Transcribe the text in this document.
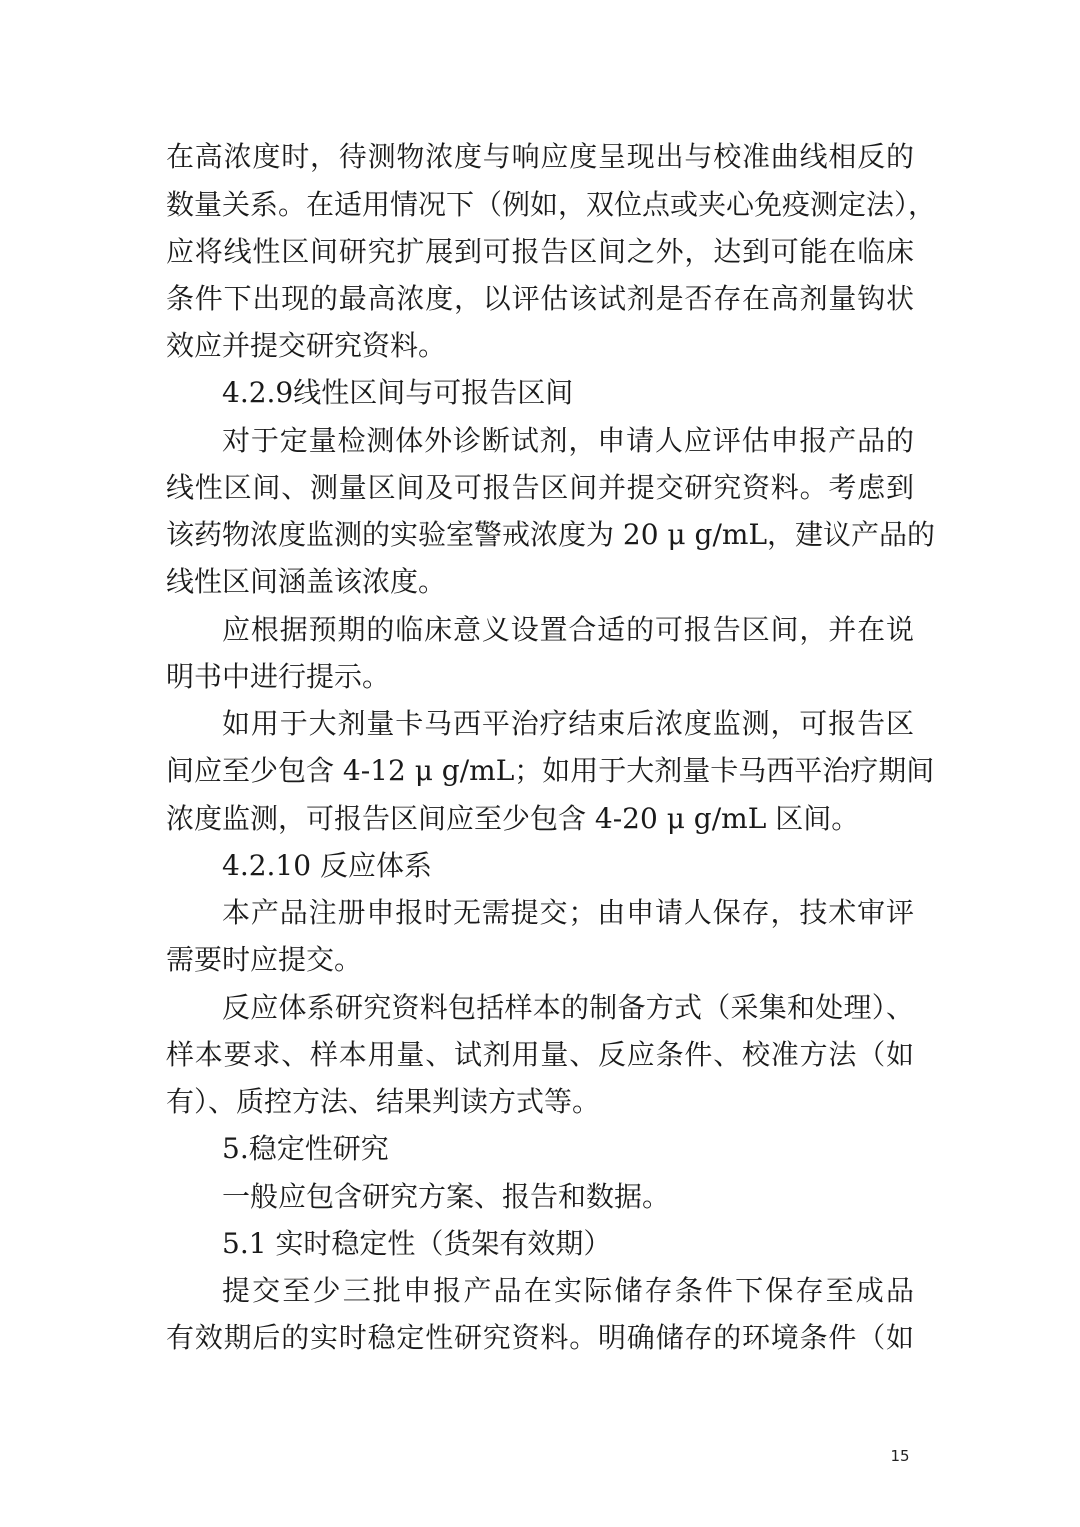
在高浓度时，待测物浓度与响应度呈现出与校准曲线相反的

数量关系。在适用情况下（例如，双位点或夹心免疫测定法），

应将线性区间研究扩展到可报告区间之外，达到可能在临床

条件下出现的最高浓度，以评估该试剂是否存在高剂量钩状

效应并提交研究资料。

4.2.9线性区间与可报告区间

对于定量检测体外诊断试剂，申请人应评估申报产品的

线性区间、测量区间及可报告区间并提交研究资料。考虑到

该药物浓度监测的实验室警戒浓度为 20 μ g/mL，建议产品的

线性区间涵盖该浓度。

应根据预期的临床意义设置合适的可报告区间，并在说

明书中进行提示。

如用于大剂量卡马西平治疗结束后浓度监测，可报告区

间应至少包含 4-12 μ g/mL；如用于大剂量卡马西平治疗期间

浓度监测，可报告区间应至少包含 4-20 μ g/mL 区间。

4.2.10 反应体系

本产品注册申报时无需提交；由申请人保存，技术审评

需要时应提交。

反应体系研究资料包括样本的制备方式（采集和处理）、

样本要求、样本用量、试剂用量、反应条件、校准方法（如

有）、质控方法、结果判读方式等。

5.稳定性研究

一般应包含研究方案、报告和数据。

5.1 实时稳定性（货架有效期）

提交至少三批申报产品在实际储存条件下保存至成品

有效期后的实时稳定性研究资料。明确储存的环境条件（如

15
